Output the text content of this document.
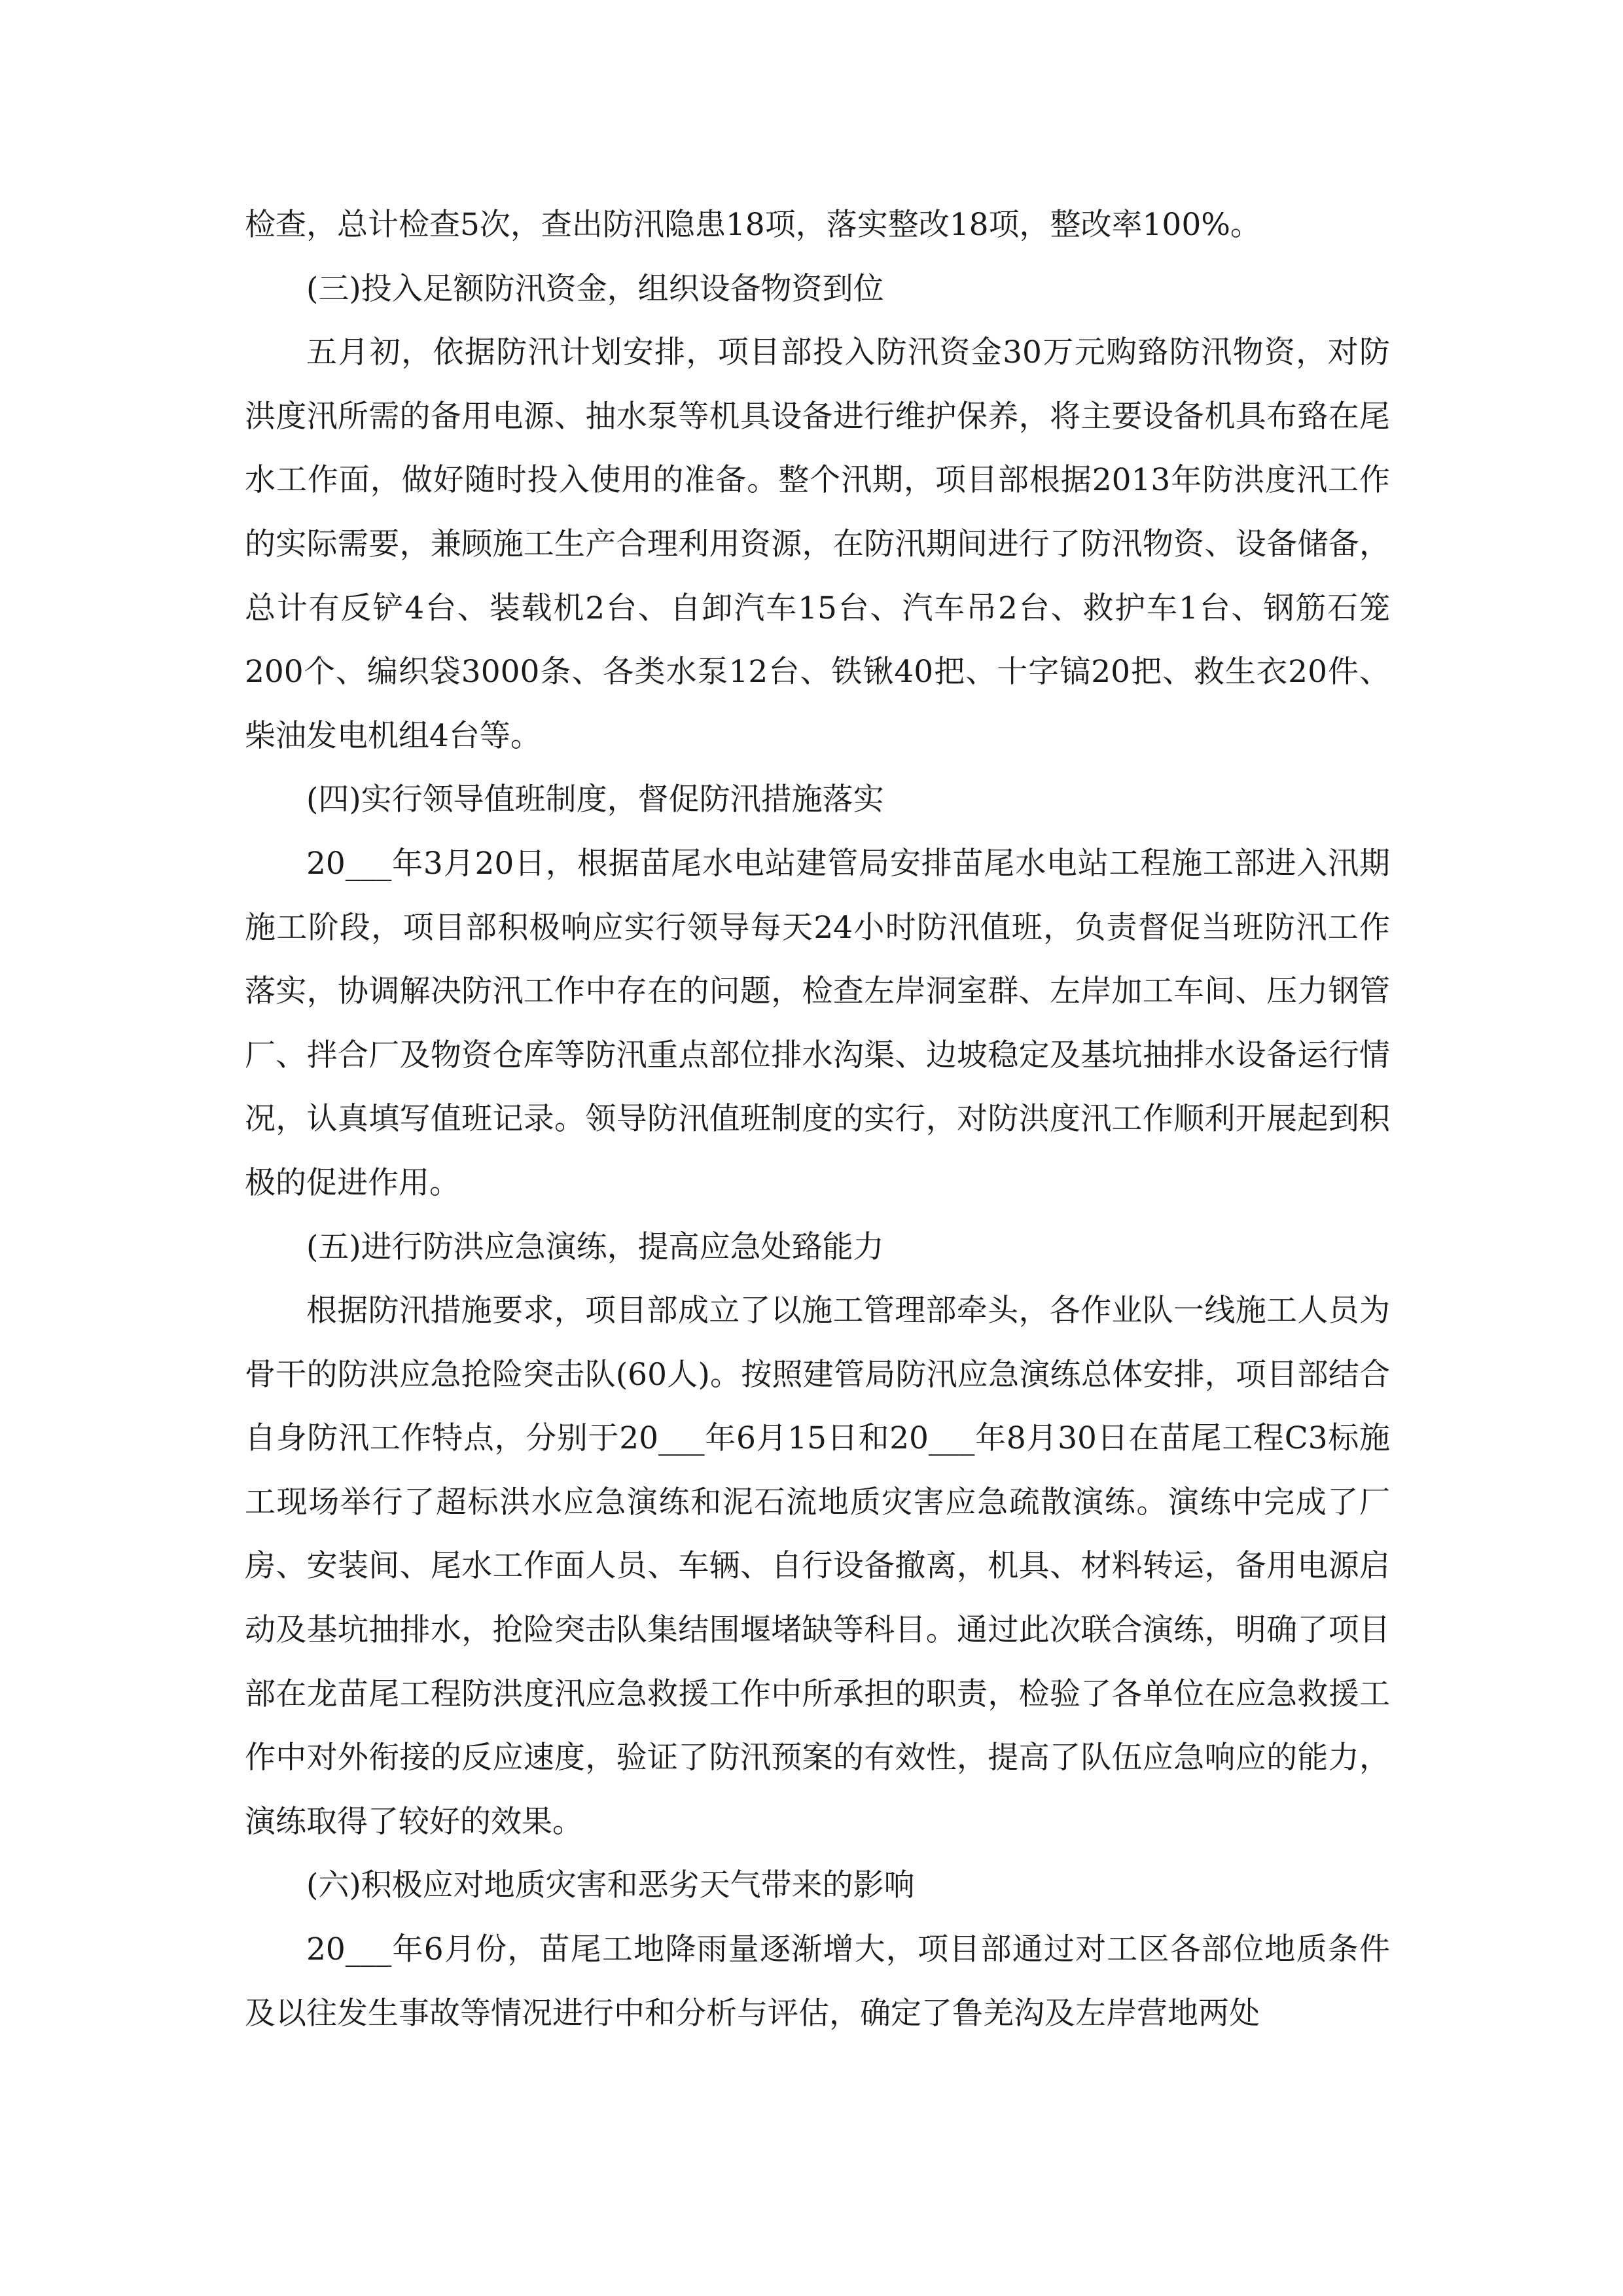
检查，总计检查5次，查出防汛隐患18项，落实整改18项，整改率100%。

(三)投入足额防汛资金，组织设备物资到位

五月初，依据防汛计划安排，项目部投入防汛资金30万元购臵防汛物资，对防洪度汛所需的备用电源、抽水泵等机具设备进行维护保养，将主要设备机具布臵在尾水工作面，做好随时投入使用的准备。整个汛期，项目部根据2013年防洪度汛工作的实际需要，兼顾施工生产合理利用资源，在防汛期间进行了防汛物资、设备储备，总计有反铲4台、装载机2台、自卸汽车15台、汽车吊2台、救护车1台、钢筋石笼200个、编织袋3000条、各类水泵12台、铁锹40把、十字镐20把、救生衣20件、柴油发电机组4台等。

(四)实行领导值班制度，督促防汛措施落实

20___年3月20日，根据苗尾水电站建管局安排苗尾水电站工程施工部进入汛期施工阶段，项目部积极响应实行领导每天24小时防汛值班，负责督促当班防汛工作落实，协调解决防汛工作中存在的问题，检查左岸洞室群、左岸加工车间、压力钢管厂、拌合厂及物资仓库等防汛重点部位排水沟渠、边坡稳定及基坑抽排水设备运行情况，认真填写值班记录。领导防汛值班制度的实行，对防洪度汛工作顺利开展起到积极的促进作用。

(五)进行防洪应急演练，提高应急处臵能力

根据防汛措施要求，项目部成立了以施工管理部牵头，各作业队一线施工人员为骨干的防洪应急抢险突击队(60人)。按照建管局防汛应急演练总体安排，项目部结合自身防汛工作特点，分别于20___年6月15日和20___年8月30日在苗尾工程C3标施工现场举行了超标洪水应急演练和泥石流地质灾害应急疏散演练。演练中完成了厂房、安装间、尾水工作面人员、车辆、自行设备撤离，机具、材料转运，备用电源启动及基坑抽排水，抢险突击队集结围堰堵缺等科目。通过此次联合演练，明确了项目部在龙苗尾工程防洪度汛应急救援工作中所承担的职责，检验了各单位在应急救援工作中对外衔接的反应速度，验证了防汛预案的有效性，提高了队伍应急响应的能力，演练取得了较好的效果。

(六)积极应对地质灾害和恶劣天气带来的影响

20___年6月份，苗尾工地降雨量逐渐增大，项目部通过对工区各部位地质条件及以往发生事故等情况进行中和分析与评估，确定了鲁羌沟及左岸营地两处
